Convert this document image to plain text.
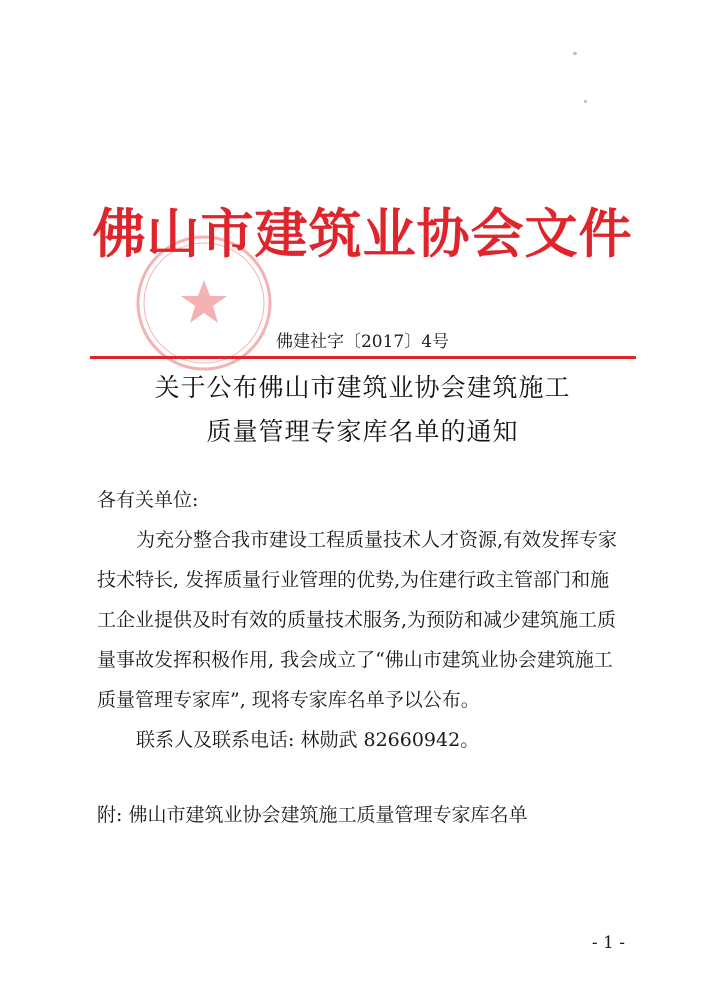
佛山市建筑业协会文件
佛建社字〔2017〕4号
关于公布佛山市建筑业协会建筑施工
质量管理专家库名单的通知
各有关单位:
为充分整合我市建设工程质量技术人才资源,有效发挥专家
技术特长, 发挥质量行业管理的优势,为住建行政主管部门和施
工企业提供及时有效的质量技术服务,为预防和减少建筑施工质
量事故发挥积极作用, 我会成立了“佛山市建筑业协会建筑施工
质量管理专家库”, 现将专家库名单予以公布。
联系人及联系电话: 林勋武 82660942。
附: 佛山市建筑业协会建筑施工质量管理专家库名单
- 1 -
